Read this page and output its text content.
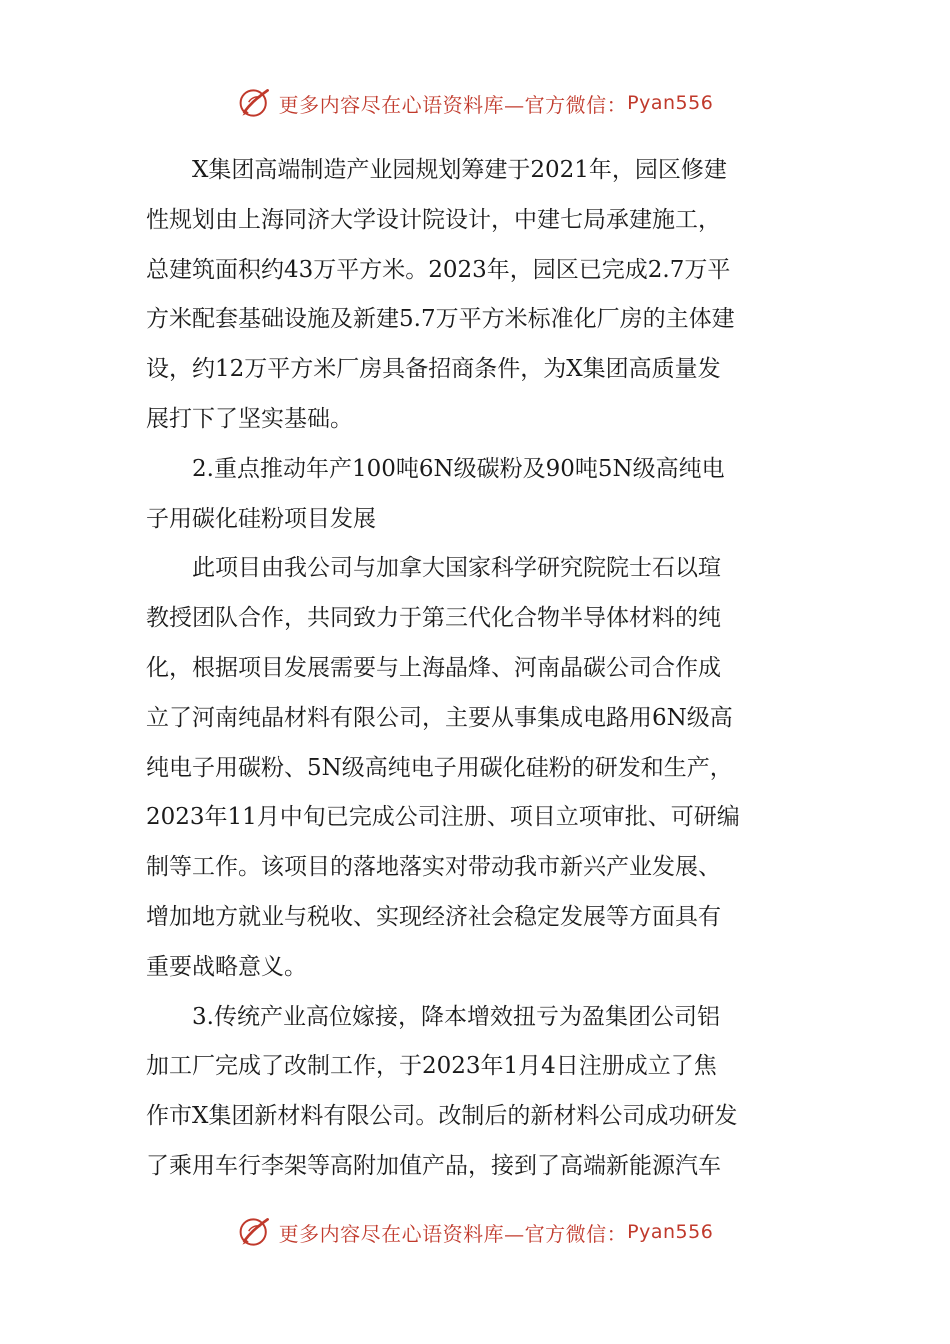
更多内容尽在心语资料库—官方微信： Pyan556
X集团高端制造产业园规划筹建于2021年，园区修建
性规划由上海同济大学设计院设计，中建七局承建施工，
总建筑面积约43万平方米。2023年，园区已完成2.7万平
方米配套基础设施及新建5.7万平方米标准化厂房的主体建
设，约12万平方米厂房具备招商条件，为X集团高质量发
展打下了坚实基础。
2.重点推动年产100吨6N级碳粉及90吨5N级高纯电
子用碳化硅粉项目发展
此项目由我公司与加拿大国家科学研究院院士石以瑄
教授团队合作，共同致力于第三代化合物半导体材料的纯
化，根据项目发展需要与上海晶烽、河南晶碳公司合作成
立了河南纯晶材料有限公司，主要从事集成电路用6N级高
纯电子用碳粉、5N级高纯电子用碳化硅粉的研发和生产，
2023年11月中旬已完成公司注册、项目立项审批、可研编
制等工作。该项目的落地落实对带动我市新兴产业发展、
增加地方就业与税收、实现经济社会稳定发展等方面具有
重要战略意义。
3.传统产业高位嫁接，降本增效扭亏为盈集团公司铝
加工厂完成了改制工作，于2023年1月4日注册成立了焦
作市X集团新材料有限公司。改制后的新材料公司成功研发
了乘用车行李架等高附加值产品，接到了高端新能源汽车
更多内容尽在心语资料库—官方微信： Pyan556
